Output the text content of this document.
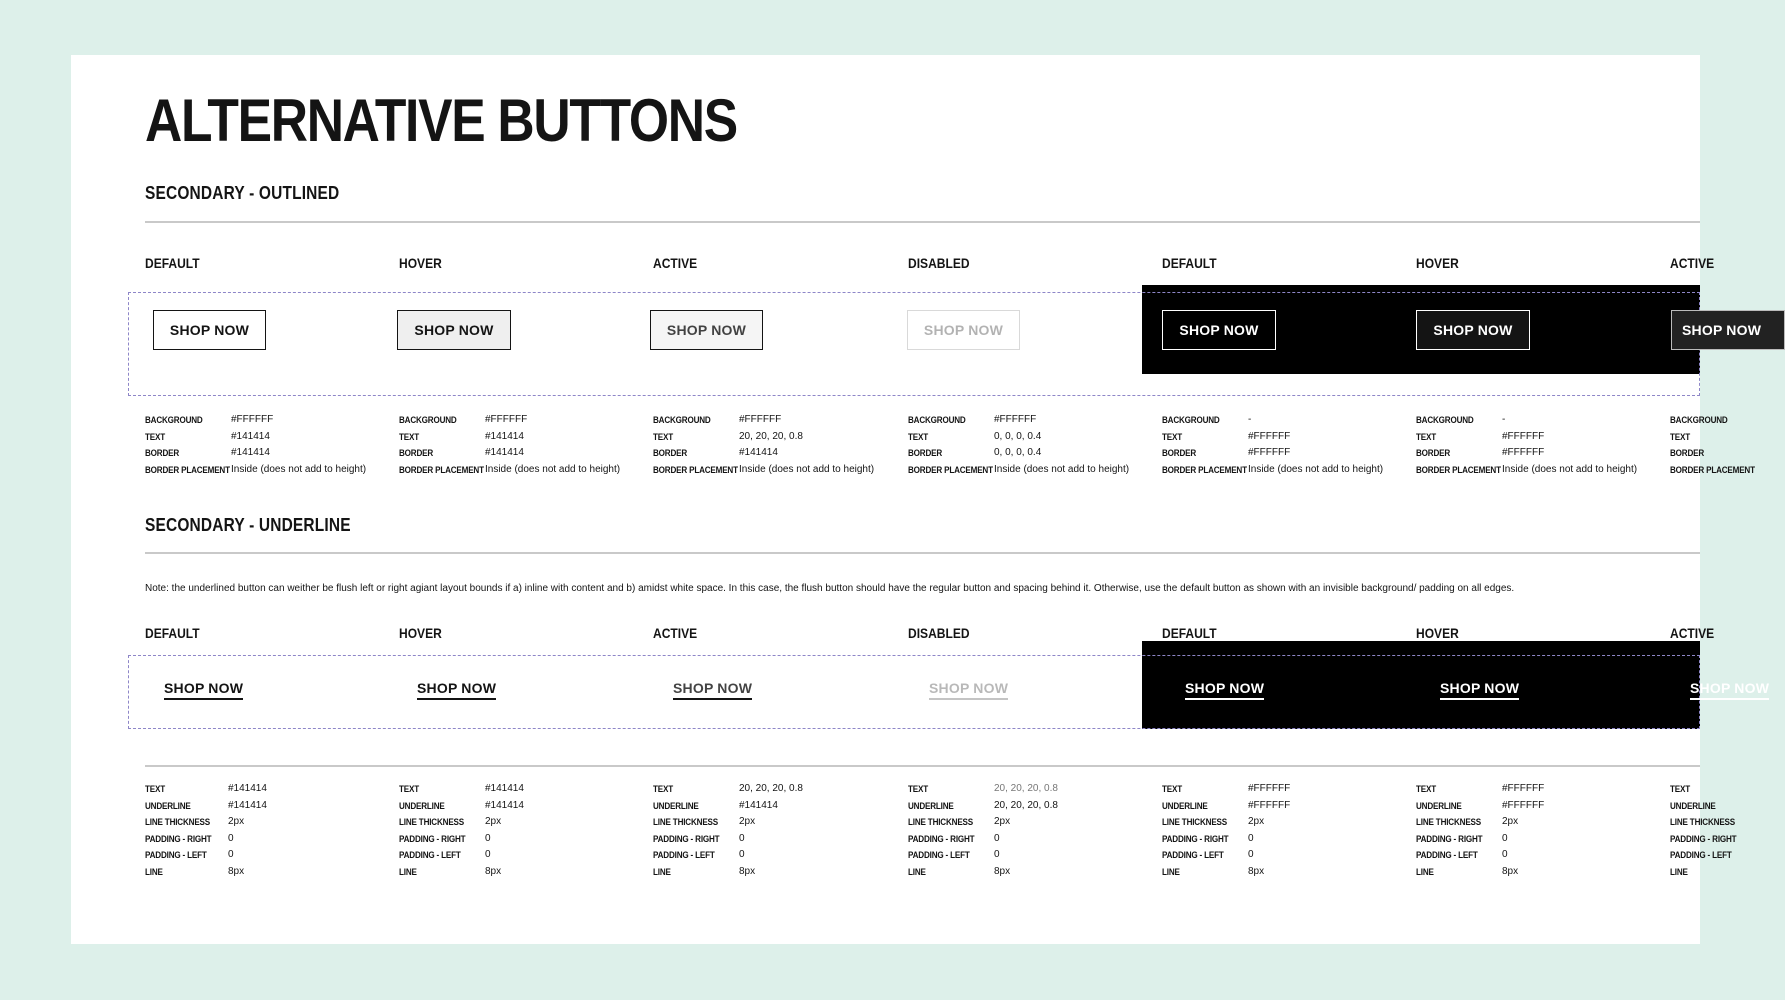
ALTERNATIVE BUTTONS
SECONDARY - OUTLINED
DEFAULT	HOVER	ACTIVE	DISABLED	DEFAULT	HOVER	ACTIVE
SHOP NOW	SHOP NOW	SHOP NOW	SHOP NOW	SHOP NOW	SHOP NOW	SHOP NOW
BACKGROUND	#FFFFFF
TEXT	#141414
BORDER	#141414
BORDER PLACEMENT Inside (does not add to height)
BACKGROUND	#FFFFFF
TEXT	#141414
BORDER	#141414
BORDER PLACEMENT Inside (does not add to height)
BACKGROUND	#FFFFFF
TEXT	20, 20, 20, 0.8
BORDER	#141414
BORDER PLACEMENT Inside (does not add to height)
BACKGROUND	#FFFFFF
TEXT	0, 0, 0, 0.4
BORDER	0, 0, 0, 0.4
BORDER PLACEMENT Inside (does not add to height)
BACKGROUND	-
TEXT	#FFFFFF
BORDER	#FFFFFF
BORDER PLACEMENT Inside (does not add to height)
BACKGROUND	-
TEXT	#FFFFFF
BORDER	#FFFFFF
BORDER PLACEMENT Inside (does not add to height)
BACKGROUND
TEXT
BORDER
BORDER PLACEMENT
SECONDARY - UNDERLINE
Note: the underlined button can weither be flush left or right agiant layout bounds if a) inline with content and b) amidst white space. In this case, the flush button should have the regular button and spacing behind it. Otherwise, use the default button as shown with an invisible background/ padding on all edges.
DEFAULT	HOVER	ACTIVE	DISABLED	DEFAULT	HOVER	ACTIVE
SHOP NOW	SHOP NOW	SHOP NOW	SHOP NOW	SHOP NOW	SHOP NOW	SHOP NOW
TEXT	#141414
UNDERLINE	#141414
LINE THICKNESS	2px
PADDING - RIGHT	0
PADDING - LEFT	0
LINE	8px
TEXT	#141414
UNDERLINE	#141414
LINE THICKNESS	2px
PADDING - RIGHT	0
PADDING - LEFT	0
LINE	8px
TEXT	20, 20, 20, 0.8
UNDERLINE	#141414
LINE THICKNESS	2px
PADDING - RIGHT	0
PADDING - LEFT	0
LINE	8px
TEXT	20, 20, 20, 0.8
UNDERLINE	20, 20, 20, 0.8
LINE THICKNESS	2px
PADDING - RIGHT	0
PADDING - LEFT	0
LINE	8px
TEXT	#FFFFFF
UNDERLINE	#FFFFFF
LINE THICKNESS	2px
PADDING - RIGHT	0
PADDING - LEFT	0
LINE	8px
TEXT	#FFFFFF
UNDERLINE	#FFFFFF
LINE THICKNESS	2px
PADDING - RIGHT	0
PADDING - LEFT	0
LINE	8px
TEXT
UNDERLINE
LINE THICKNESS
PADDING - RIGHT
PADDING - LEFT
LINE
